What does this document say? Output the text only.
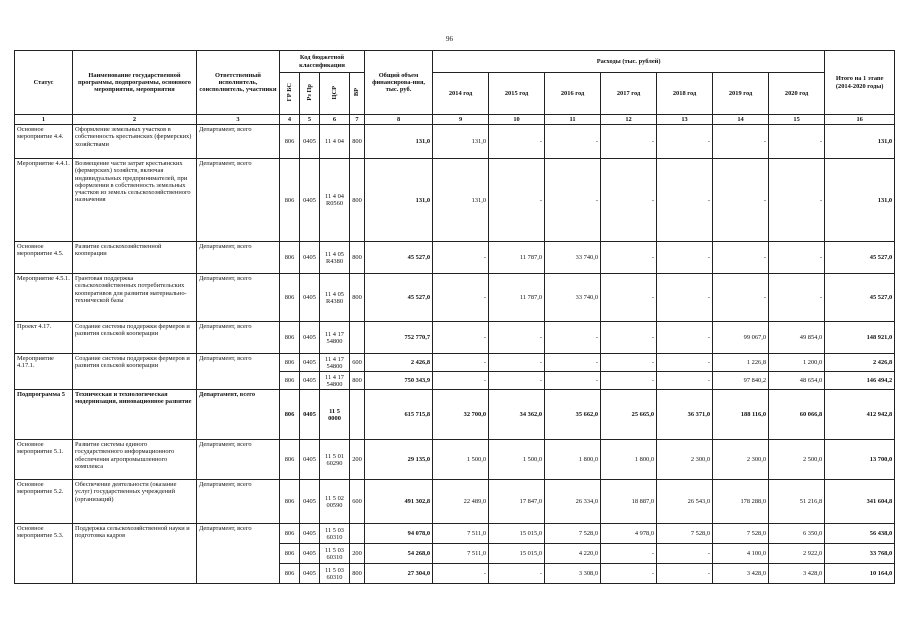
96
Статус	Наименование государственной программы, подпрограммы, основного мероприятия, мероприятия	Ответственный исполнитель, соисполнитель, участники	Код бюджетной классификации				Общий объем финансирова-ния, тыс. руб.	Расходы (тыс. рублей)							Итого на 1 этапе (2014-2020 годы)
			ГР БС	Рз Пр	ЦСР	ВР		2014 год	2015 год	2016 год	2017 год	2018 год	2019 год	2020 год	
1	2	3	4	5	6	7	8	9	10	11	12	13	14	15	16
Основное мероприятие 4.4.	Оформление земельных участков в собственность крестьянских (фермерских) хозяйствами	Департамент, всего	806	0405	11 4 04	800	131,0	131,0	-	-	-	-	-	-	131,0
Мероприятие 4.4.1.	Возмещение части затрат крестьянских (фермерских) хозяйств, включая индивидуальных предпринимателей, при оформлении в собственность земельных участков из земель сельскохозяйственного назначения	Департамент, всего	806	0405	11 4 04 R0560	800	131,0	131,0	-	-	-	-	-	-	131,0
Основное мероприятие 4.5.	Развитие сельскохозяйственной кооперации	Департамент, всего	806	0405	11 4 05 R4380	800	45 527,0	-	11 787,0	33 740,0	-	-	-	-	45 527,0
Мероприятие 4.5.1.	Грантовая поддержка сельскохозяйственных потребительских кооперативов для развития материально-технической базы	Департамент, всего	806	0405	11 4 05 R4380	800	45 527,0	-	11 787,0	33 740,0	-	-	-	-	45 527,0
Проект 4.17.	Создание системы поддержки фермеров и развития сельской кооперации	Департамент, всего	806	0405	11 4 17 54800		752 770,7	-	-	-	-	-	99 067,0	49 854,0	148 921,0
Мероприятие 4.17.1.	Создание системы поддержки фермеров и развития сельской кооперации	Департамент, всего	806	0405	11 4 17 54800	600	2 426,8	-	-	-	-	-	1 226,8	1 200,0	2 426,8
			806	0405	11 4 17 54800	800	750 343,9	-	-	-	-	-	97 840,2	48 654,0	146 494,2
Подпрограмма 5	Техническая и технологическая модернизация, инновационное развитие	Департамент, всего	806	0405	11 5 0000		615 715,8	32 700,0	34 362,0	35 662,0	25 665,0	36 371,0	188 116,0	60 066,8	412 942,8
Основное мероприятие 5.1.	Развитие системы единого государственного информационного обеспечения агропромышленного комплекса	Департамент, всего	806	0405	11 5 01 60290	200	29 135,0	1 500,0	1 500,0	1 800,0	1 800,0	2 300,0	2 300,0	2 500,0	13 700,0
Основное мероприятие 5.2.	Обеспечение деятельности (оказание услуг) государственных учреждений (организаций)	Департамент, всего	806	0405	11 5 02 00590	600	491 302,8	22 489,0	17 847,0	26 334,0	18 887,0	26 543,0	178 288,0	51 216,8	341 604,8
Основное мероприятие 5.3.	Поддержка сельскохозяйственной науки и подготовка кадров	Департамент, всего	806	0405	11 5 03 60310		94 078,0	7 511,0	15 015,0	7 528,0	4 978,0	7 528,0	7 528,0	6 350,0	56 438,0
			806	0405	11 5 03 60310	200	54 268,0	7 511,0	15 015,0	4 220,0	-	-	4 100,0	2 922,0	33 768,0
			806	0405	11 5 03 60310	800	27 304,0	-	-	3 308,0	-	-	3 428,0	3 428,0	10 164,0
